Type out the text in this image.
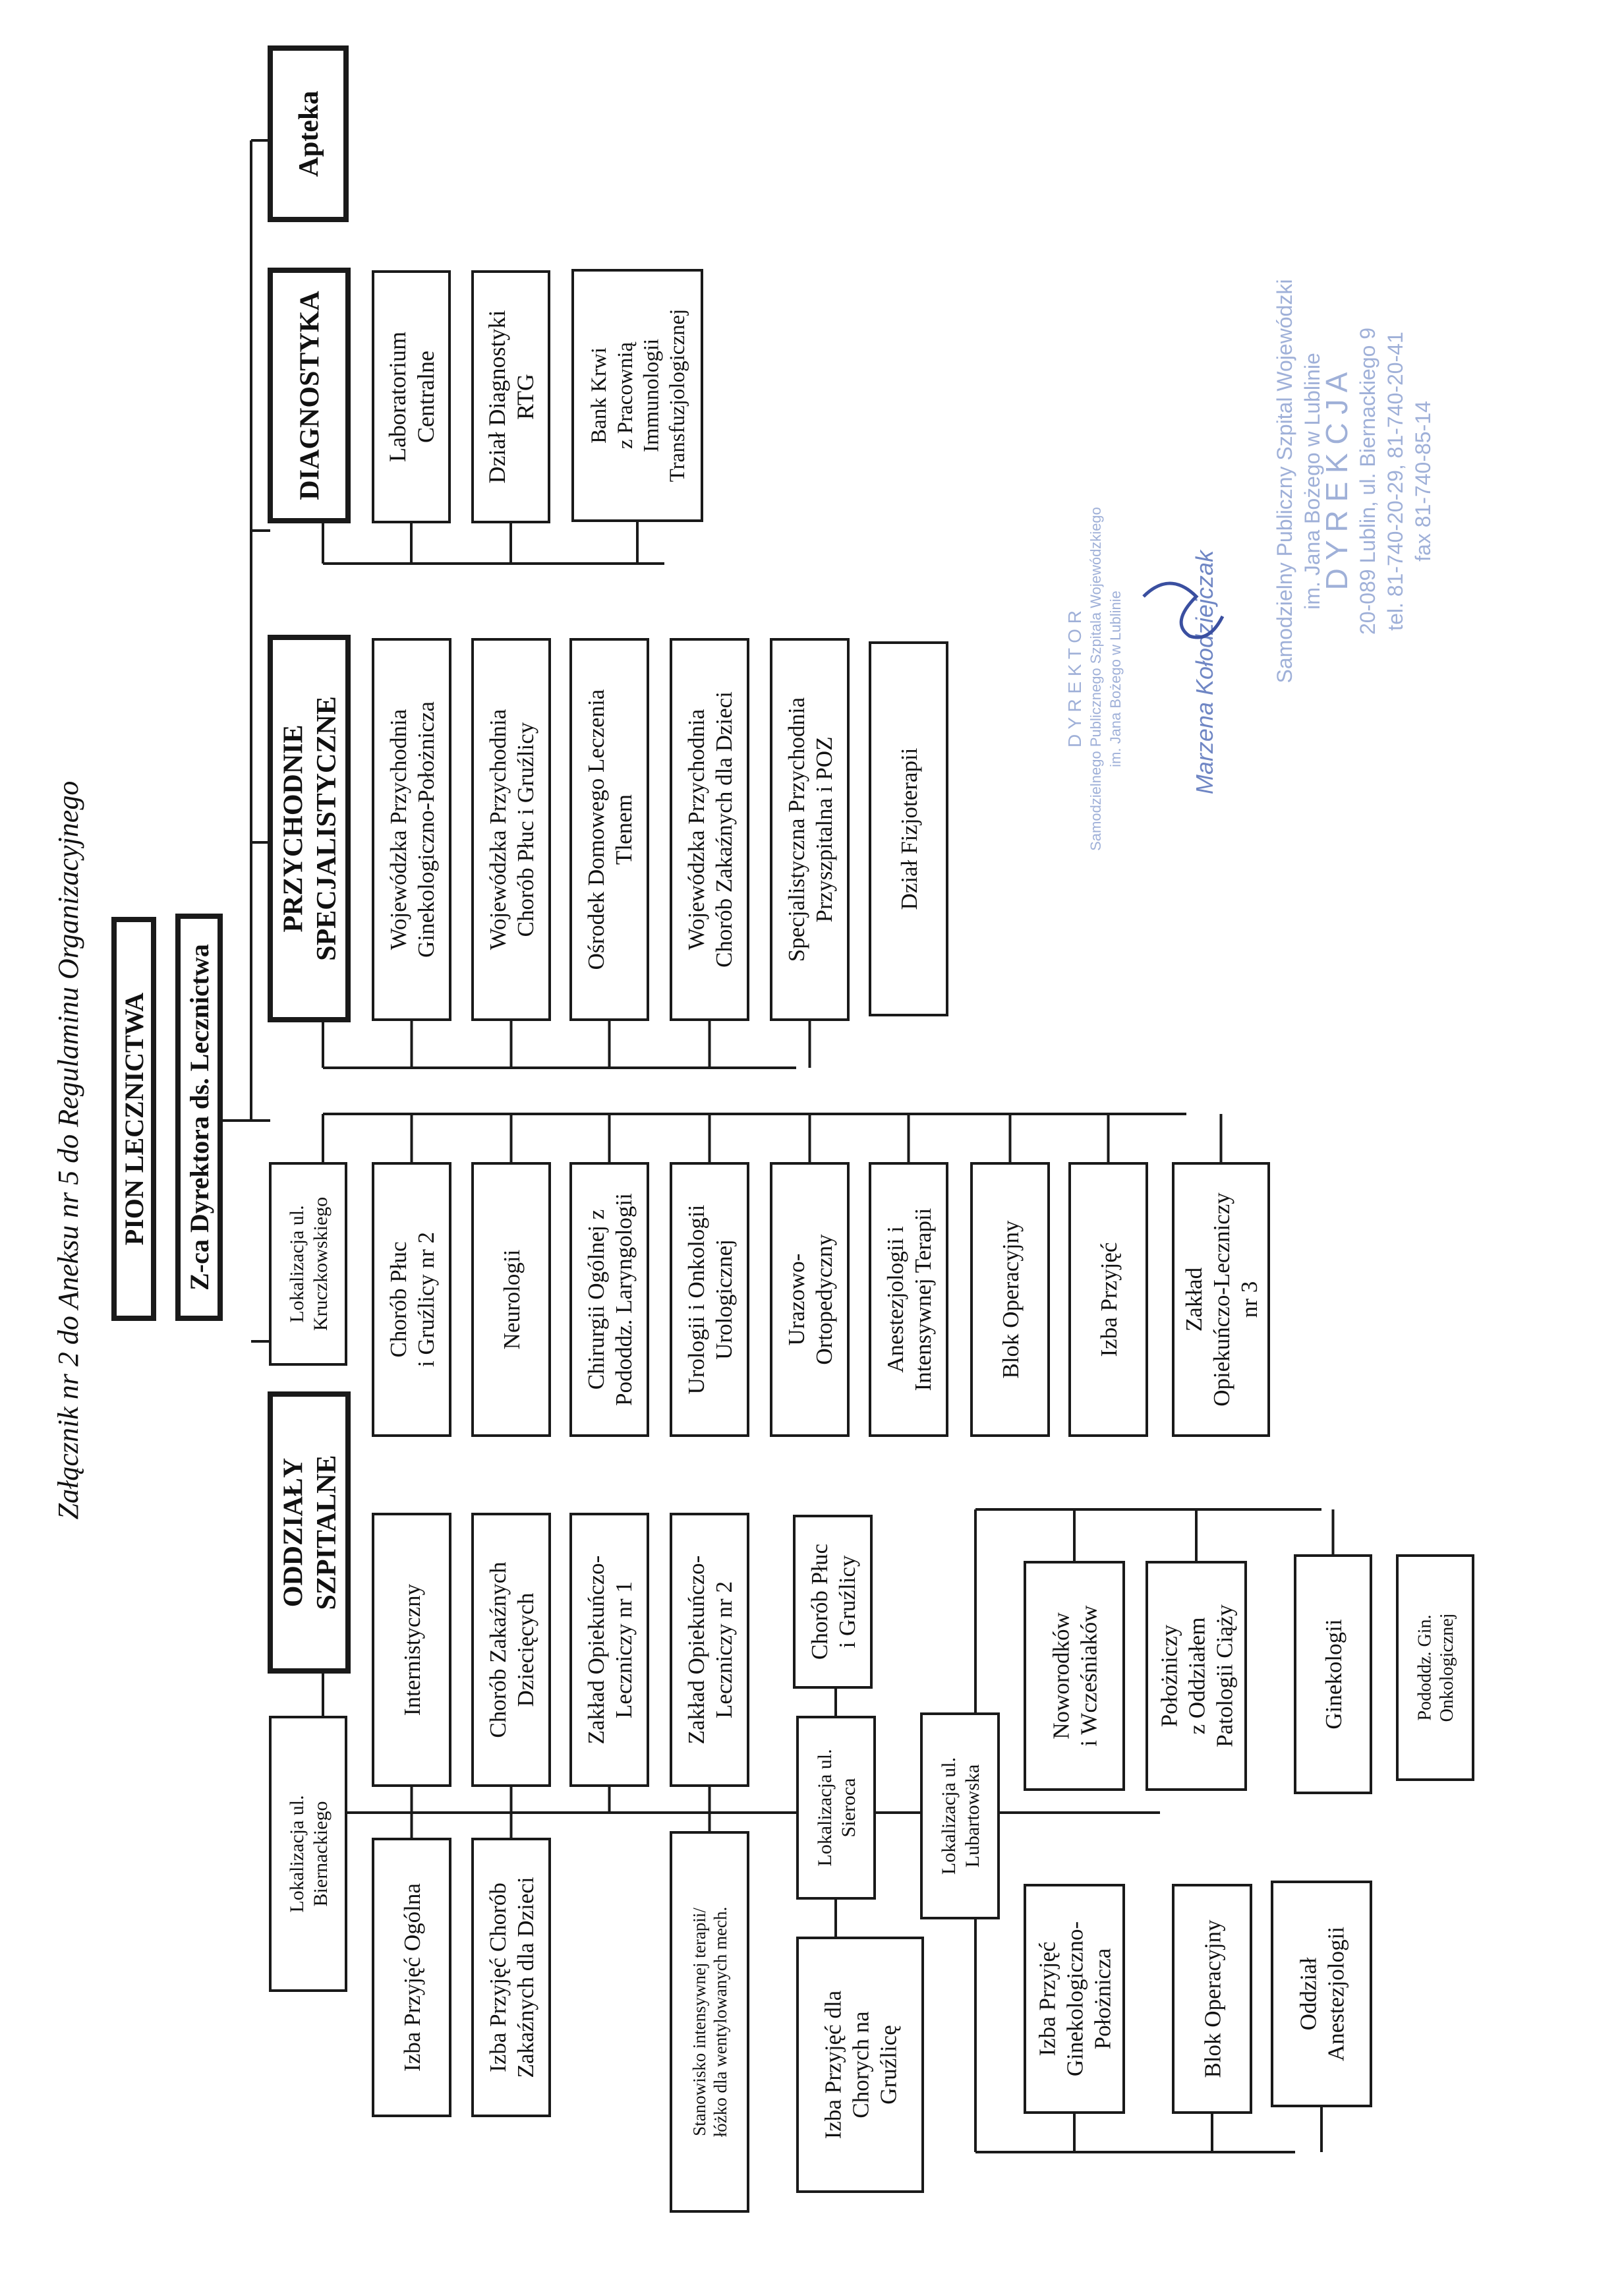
Załącznik nr 2 do Aneksu nr 5 do Regulaminu Organizacyjnego PION LECZNICTWA Z-ca Dyrektora ds. Lecznictwa
Apteka
DIAGNOSTYKA Laboratorium Centralne Dział Diagnostyki RTG Bank Krwi z Pracownią Immunologii Transfuzjologicznej
PRZYCHODNIE SPECJALISTYCZNE Wojewódzka Przychodnia Ginekologiczno-Położnicza Wojewódzka Przychodnia Chorób Płuc i Gruźlicy Ośrodek Domowego Leczenia Tlenem Wojewódzka Przychodnia Chorób Zakaźnych dla Dzieci Specjalistyczna Przychodnia Przyszpitalna i POZ	Dział Fizjoterapii
Lokalizacja ul. Kruczkowskiego Chorób Płuc i Gruźlicy nr 2	Neurologii	Chirurgii Ogólnej z Pododdz. Laryngologii Urologii i Onkologii Urologicznej Urazowo- Ortopedyczny Anestezjologii i Intensywnej Terapii	Blok Operacyjny	Izba Przyjęć	Zakład Opiekuńczo-Leczniczy nr 3
ODDZIAŁY SZPITALNE
Lokalizacja ul. Biernackiego
Internistyczny	Chorób Zakaźnych Dziecięcych Zakład Opiekuńczo- Leczniczy nr 1 Zakład Opiekuńczo- Leczniczy nr 2
Izba Przyjęć Ogólna	Izba Przyjęć Chorób Zakaźnych dla Dzieci	Stanowisko intensywnej terapii/ łóżko dla wentylowanych mech.
Lokalizacja ul. Sieroca
Chorób Płuc i Gruźlicy
Izba Przyjęć dla Chorych na Gruźlicę
Lokalizacja ul. Lubartowska
Noworodków i Wcześniaków Położniczy z Oddziałem Patologii Ciąży	Ginekologii	Pododdz. Gin. Onkologicznej
Izba Przyjęć Ginekologiczno- Położnicza	Blok Operacyjny	Oddział Anestezjologii
D Y R E K T O R Samodzielnego Publicznego Szpitala Wojewódzkiego im. Jana Bożego w Lublinie	Marzena Kołodziejczak	Samodzielny Publiczny Szpital Wojewódzki im. Jana Bożego w Lublinie
D Y R E K C J A 20-089 Lublin, ul. Biernackiego 9 tel. 81-740-20-29, 81-740-20-41 fax 81-740-85-14
